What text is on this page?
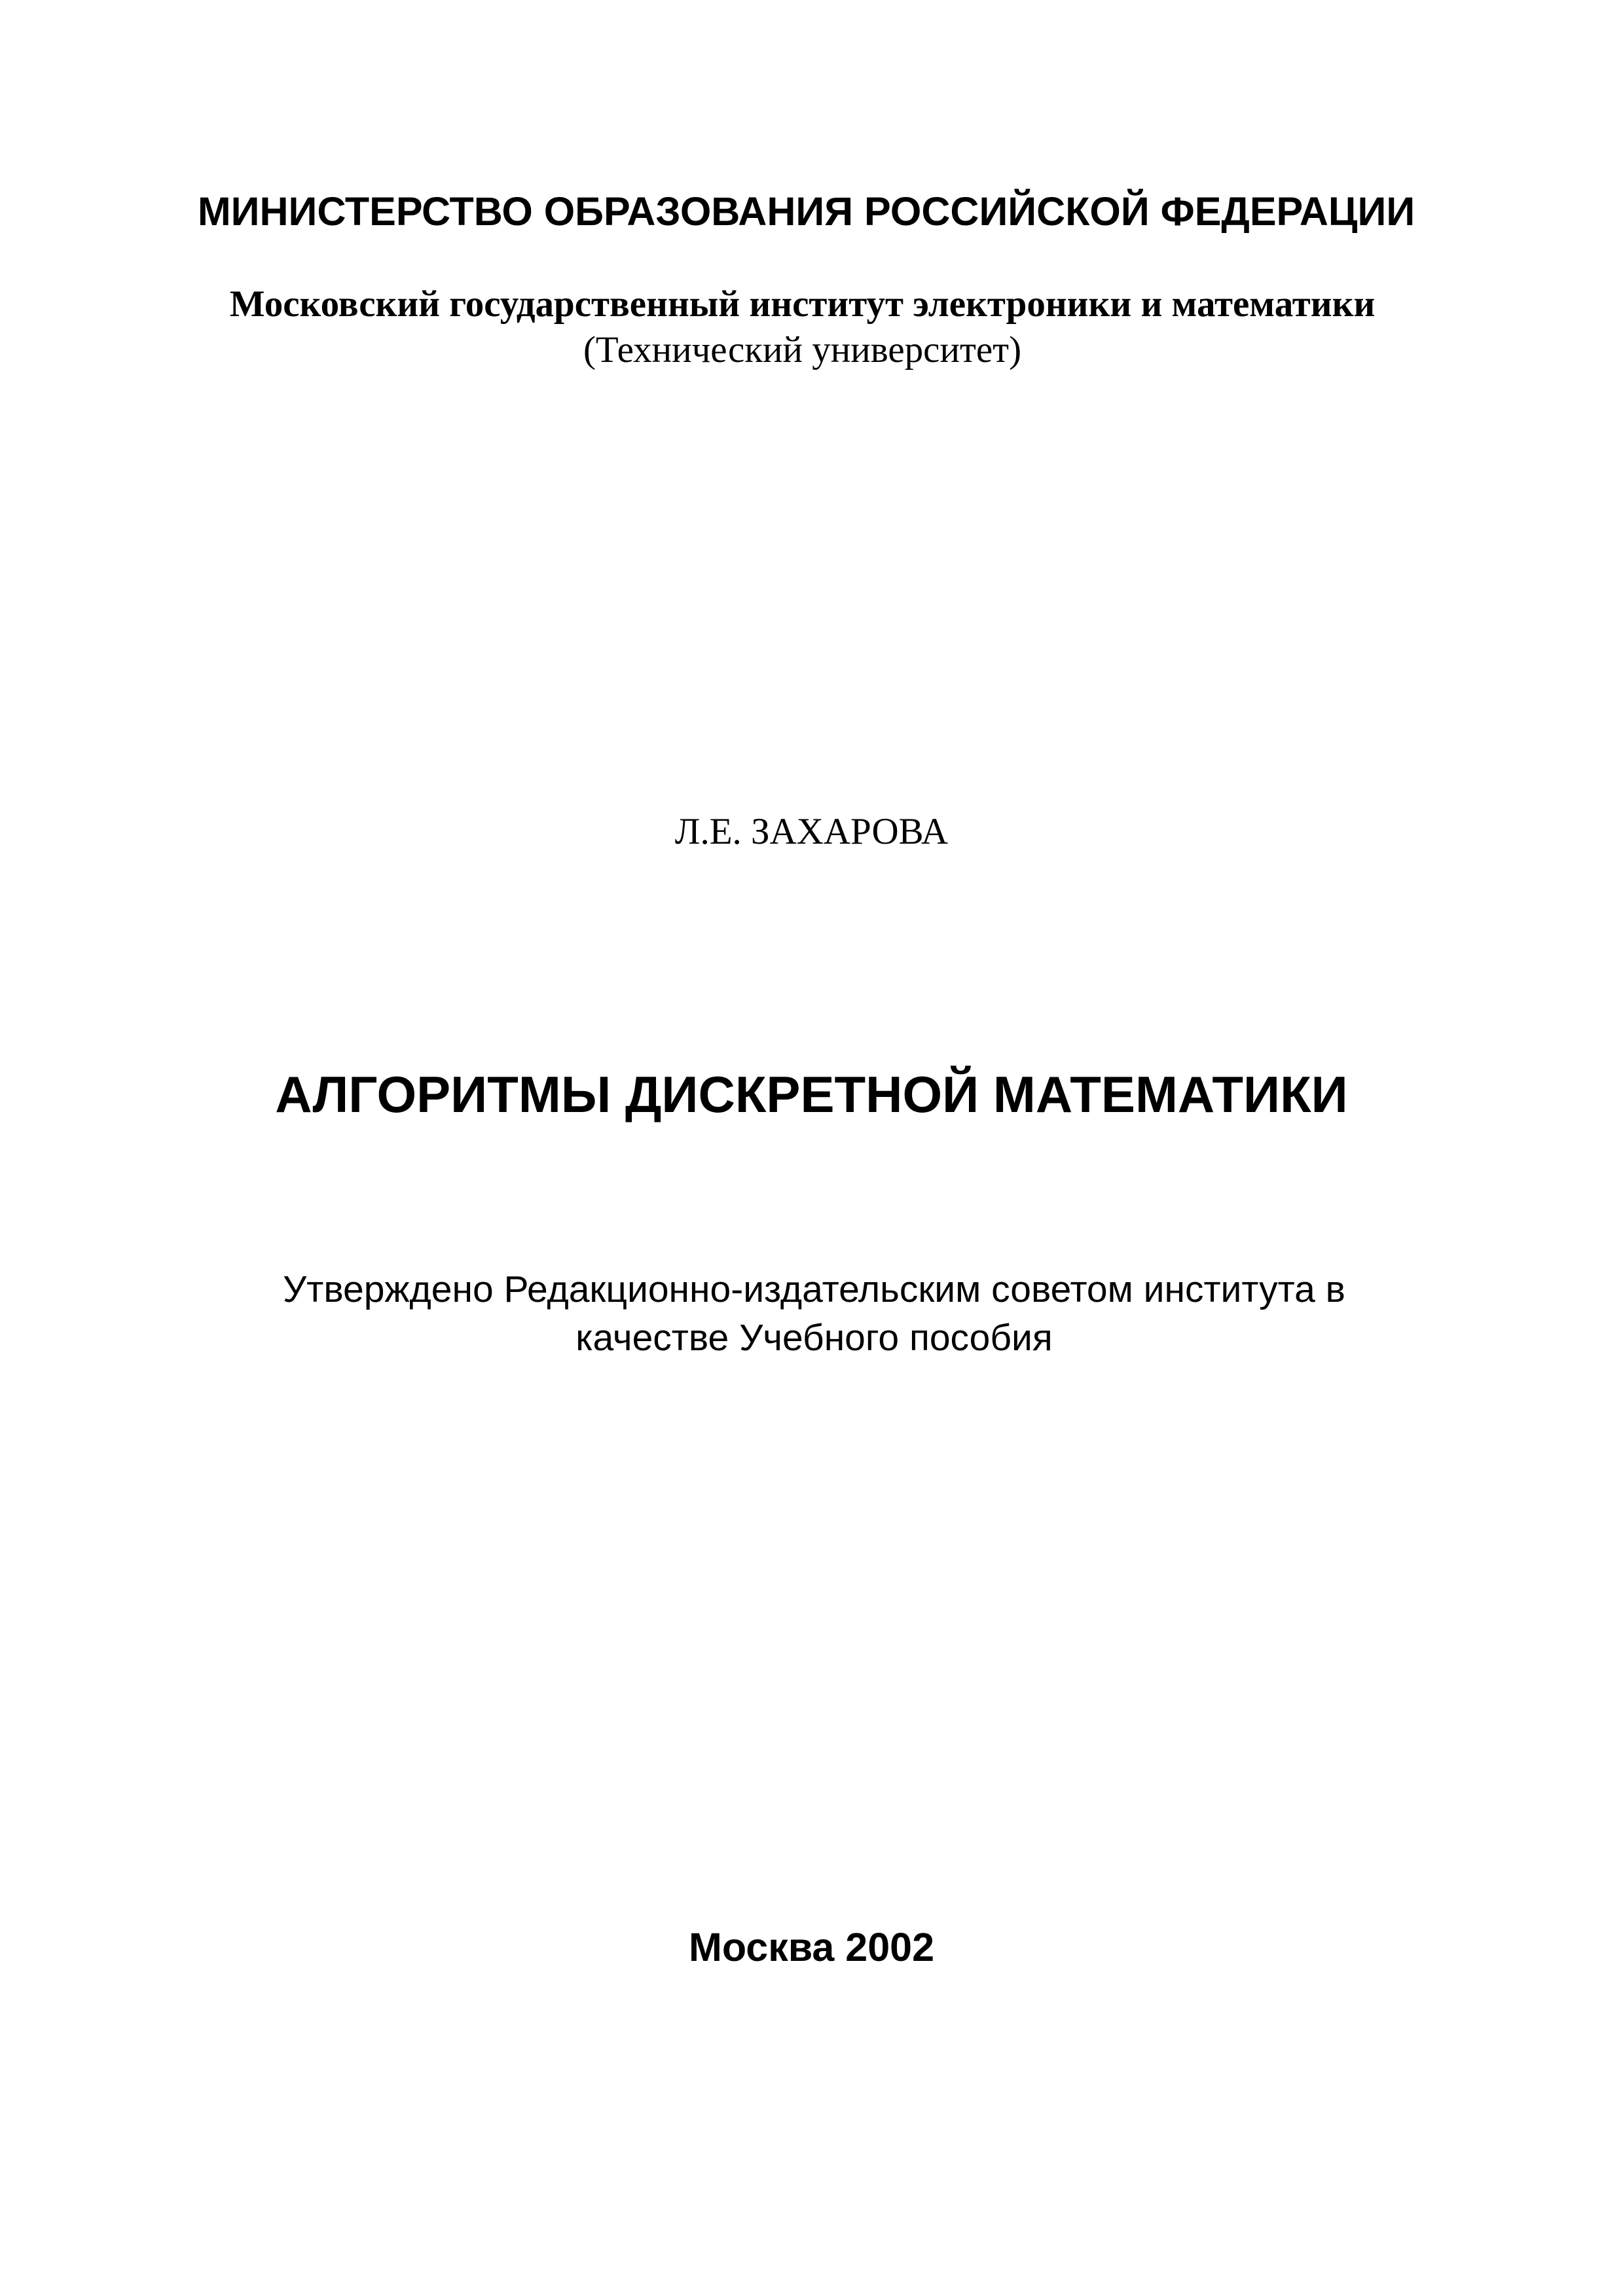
МИНИСТЕРСТВО ОБРАЗОВАНИЯ РОССИЙСКОЙ ФЕДЕРАЦИИ
Московский государственный институт электроники и математики
(Технический университет)
Л.Е. ЗАХАРОВА
АЛГОРИТМЫ ДИСКРЕТНОЙ МАТЕМАТИКИ
Утверждено Редакционно-издательским советом института в
качестве Учебного пособия
Москва 2002
